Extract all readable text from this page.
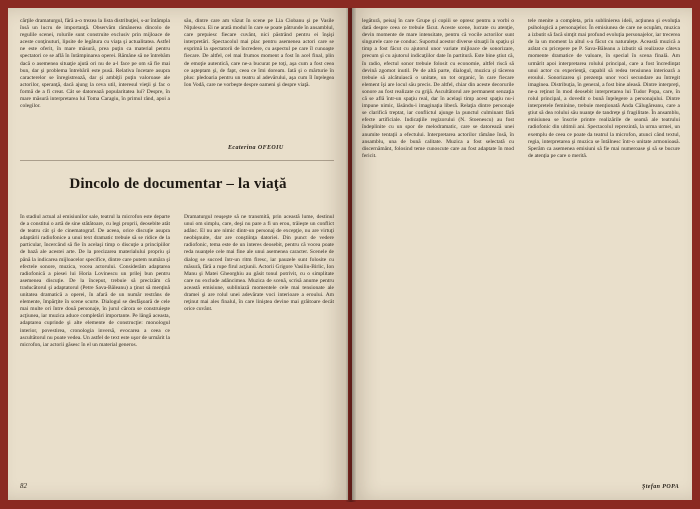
cărţile dramaturgul, fără a-o trezea la lista distribuţiei, s-ar întâmpla însă un lucru de importanţă. Observăm rămânerea dincolo de regulile scenei, rolurile sunt construite exclusiv prin mijloace de aceste conţinuturi, lipsite de legătura cu viaţa şi actualitatea. Astfel ne este oferit, în mare măsură, prea puţin ca material pentru spectatori ce se află în întâmpinarea operei. Rămâne să ne întrebăm dacă o asemenea situaţie ajută ori nu de a-l face pe om să fie mai bun, dar şi problema întrebării este pusă. Relativa încetare asupra caracterelor se înregistrează, dar şi ambiţii puţin valoroase ale actorilor, speranţă, dacă ajung la ceva util, interesul vieţii şi fac o formă de a fi creat. Cât se datorează popularitatea lui? Despre, în mare măsură interpretarea lui Toma Caragiu, în primul rând, apoi a colegilor.

său, dintre care am văzut în scene pe Lia Ciobanu şi pe Vasile Niţulescu. Ei ne arată modul în care se poate pătrunde în ansamblul, care preţuiesc fiecare cuvânt, nici păstrând pentru ei înşişi interpretări. Spectacolul mai plac pentru asemenea actori care se exprimă la spectatorii de încredere, cu aspectul pe care îl cunoaşte fiecare. De altfel, cel mai frumos moment a fost în acel final, plin de emoţie autentică, care ne-a bucurat pe toţi, aşa cum a fost ceea ce aşteptam şi, de fapt, ceea ce îmi doream. Iată şi o mărturie în plus: pledoaria pentru un teatru al adevărului, aşa cum îl înţelegea Ion Vodă, care ne vorbeşte despre oameni şi despre viaţă.

Ecaterina OFEOIU
Dincolo de documentar – la viaţă

În stadiul actual al emisiunilor sale, teatrul la microfon este departe de a constitui o artă de sine stătătoare, cu legi proprii, deosebite atât de teatru cât şi de cinematograf. De aceea, orice discuţie asupra adaptării radiofonice a unui text dramatic trebuie să se ridice de la particular, încercând să fie în acelaşi timp o discuţie a principiilor de bază ale acestei arte. De la precizarea materialului propriu şi până la indicarea mijloacelor specifice, dintre care putem număra şi efectele sonore, muzica, vocea actorului. Considerăm adaptarea radiofonică a piesei lui Horia Lovinescu un prilej bun pentru asemenea discuţie. De la început, trebuie să precizăm că traducătorul şi adaptatorul (Petre Sava-Băleanu) a ţinut să menţină unitatea dramatică a operei, în afară de un număr restrâns de elemente, împărţite în scene scurte. Dialogul se desfăşoară de cele mai multe ori între două personaje, în jurul cărora se construieşte acţiunea, iar muzica aduce completări importante. Pe lângă aceasta, adaptarea cuprinde şi alte elemente de construcţie: monologul interior, povestirea, cronologia inversă, evocarea a ceea ce ascultătorul nu poate vedea. Un astfel de text este uşor de urmărit la microfon, iar actorii găsesc în el un material generos.

Dramaturgul reuşeşte să ne transmită, prin această lume, destinul unui om simplu, care, deşi nu pare a fi un erou, trăieşte un conflict adânc. El nu are nimic dintr-un personaj de excepţie, nu are virtuţi neobişnuite, dar are conştiinţa datoriei. Din punct de vedere radiofonic, tema este de un interes deosebit, pentru că vocea poate reda nuanţele cele mai fine ale unui asemenea caracter. Scenele de dialog se succed într-un ritm firesc, iar pauzele sunt folosite cu măsură, fără a rupe firul acţiunii. Actorii Grigore Vasiliu-Birlic, Ion Manu şi Matei Gheorghiu au găsit tonul potrivit, cu o simplitate care nu exclude adâncimea. Muzica de scenă, scrisă anume pentru această emisiune, subliniază momentele cele mai tensionate ale dramei şi are rolul unei adevărate voci interioare a eroului. Am reţinut mai ales finalul, în care liniştea devine mai grăitoare decât orice cuvânt.

82

legătură, peisaj în care Grupe şi copiii se opresc pentru a vorbi o dată despre ceea ce trebuie făcut. Aceste scene, lucrate cu atenţie, devin momente de mare intensitate, pentru că vocile actorilor sunt singurele care ne conduc. Suportul acestor diverse situaţii în spaţiu şi timp a fost făcut cu ajutorul unor variate mijloace de sonorizare, precum şi cu ajutorul indicaţiilor date în partitură. Este bine ştiut că, în radio, efectul sonor trebuie folosit cu economie, altfel riscă să devină zgomot inutil. Pe de altă parte, dialogul, muzica şi tăcerea trebuie să alcătuiască o unitate, un tot organic, în care fiecare element îşi are locul său precis. De altfel, chiar din aceste decorurile sonore au fost realizate cu grijă. Ascultătorul are permanent senzaţia că se află într-un spaţiu real, dar în acelaşi timp acest spaţiu nu-i impune nimic, lăsându-i imaginaţia liberă. Relaţia dintre personaje se clarifică treptat, iar conflictul ajunge la punctul culminant fără efecte artificiale. Indicaţiile regizorului (N. Stoenescu) au fost îndeplinite cu un spor de melodramatic, care se datorează unei anumite tentaţii a efectului. Interpretarea actorilor rămâne însă, în ansamblu, una de bună calitate. Muzica a fost selectată cu discernământ, folosind teme cunoscute care au fost adaptate în mod fericit.

tele menite a completa, prin sublinierea ideii, acţiunea şi evoluţia psihologică a personajelor. În emisiunea de care ne ocupăm, muzica a izbutit să facă simţit mai profund evoluţia personajelor, iar trecerea de la un moment la altul s-a făcut cu naturaleţe. Această muzică a arătat cu pricepere pe P. Sava-Băleanu a izbutit să realizeze câteva momente dramatice de valoare, în special în scena finală. Am urmărit apoi interpretarea rolului principal, care a fost încredinţat unui actor cu experienţă, capabil să redea tensiunea interioară a eroului. Sonorizarea şi prezenţa unor voci secundare au întregit imaginea. Distribuţia, în general, a fost bine aleasă. Dintre interpreţi, ne-a reţinut în mod deosebit interpretarea lui Tudor Popa, care, în rolul principal, a dovedit o bună înţelegere a personajului. Dintre interpretele feminine, trebuie menţionată Anda Călugăreanu, care a ştiut să dea rolului său nuanţe de tandreţe şi fragilitate. În ansamblu, emisiunea se înscrie printre realizările de seamă ale teatrului radiofonic din ultimii ani. Spectacolul reprezintă, la urma urmei, un exemplu de ceea ce poate da teatrul la microfon, atunci când textul, regia, interpretarea şi muzica se întâlnesc într-o unitate armonioasă. Sperăm ca asemenea emisiuni să fie mai numeroase şi să se bucure de atenţia pe care o merită.

Ştefan POPA
